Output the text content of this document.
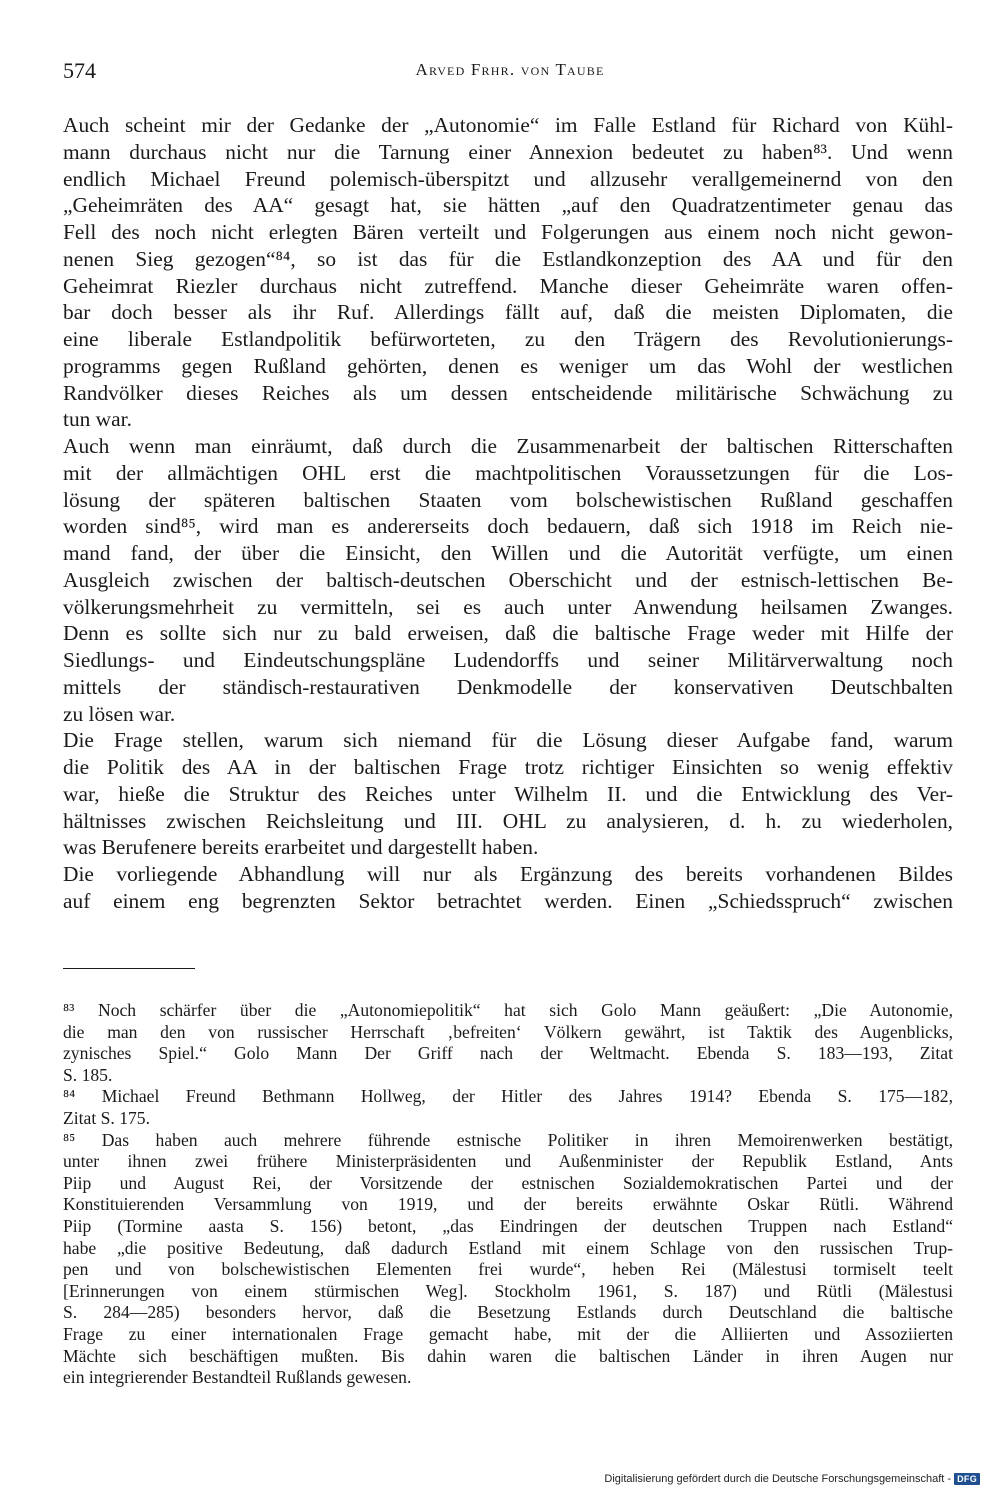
574	Arved Frhr. von Taube
Auch scheint mir der Gedanke der „Autonomie“ im Falle Estland für Richard von Kühl-
mann durchaus nicht nur die Tarnung einer Annexion bedeutet zu haben⁸³. Und wenn
endlich Michael Freund polemisch-überspitzt und allzusehr verallgemeinernd von den
„Geheimräten des AA“ gesagt hat, sie hätten „auf den Quadratzentimeter genau das
Fell des noch nicht erlegten Bären verteilt und Folgerungen aus einem noch nicht gewon-
nenen Sieg gezogen“⁸⁴, so ist das für die Estlandkonzeption des AA und für den
Geheimrat Riezler durchaus nicht zutreffend. Manche dieser Geheimräte waren offen-
bar doch besser als ihr Ruf. Allerdings fällt auf, daß die meisten Diplomaten, die
eine liberale Estlandpolitik befürworteten, zu den Trägern des Revolutionierungs-
programms gegen Rußland gehörten, denen es weniger um das Wohl der westlichen
Randvölker dieses Reiches als um dessen entscheidende militärische Schwächung zu
tun war.
Auch wenn man einräumt, daß durch die Zusammenarbeit der baltischen Ritterschaften
mit der allmächtigen OHL erst die machtpolitischen Voraussetzungen für die Los-
lösung der späteren baltischen Staaten vom bolschewistischen Rußland geschaffen
worden sind⁸⁵, wird man es andererseits doch bedauern, daß sich 1918 im Reich nie-
mand fand, der über die Einsicht, den Willen und die Autorität verfügte, um einen
Ausgleich zwischen der baltisch-deutschen Oberschicht und der estnisch-lettischen Be-
völkerungsmehrheit zu vermitteln, sei es auch unter Anwendung heilsamen Zwanges.
Denn es sollte sich nur zu bald erweisen, daß die baltische Frage weder mit Hilfe der
Siedlungs- und Eindeutschungspläne Ludendorffs und seiner Militärverwaltung noch
mittels der ständisch-restaurativen Denkmodelle der konservativen Deutschbalten
zu lösen war.
Die Frage stellen, warum sich niemand für die Lösung dieser Aufgabe fand, warum
die Politik des AA in der baltischen Frage trotz richtiger Einsichten so wenig effektiv
war, hieße die Struktur des Reiches unter Wilhelm II. und die Entwicklung des Ver-
hältnisses zwischen Reichsleitung und III. OHL zu analysieren, d. h. zu wiederholen,
was Berufenere bereits erarbeitet und dargestellt haben.
Die vorliegende Abhandlung will nur als Ergänzung des bereits vorhandenen Bildes
auf einem eng begrenzten Sektor betrachtet werden. Einen „Schiedsspruch“ zwischen
⁸³ Noch schärfer über die „Autonomiepolitik“ hat sich Golo Mann geäußert: „Die Autonomie,
die man den von russischer Herrschaft ‚befreiten‘ Völkern gewährt, ist Taktik des Augenblicks,
zynisches Spiel.“ Golo Mann Der Griff nach der Weltmacht. Ebenda S. 183—193, Zitat
S. 185.
⁸⁴ Michael Freund Bethmann Hollweg, der Hitler des Jahres 1914? Ebenda S. 175—182,
Zitat S. 175.
⁸⁵ Das haben auch mehrere führende estnische Politiker in ihren Memoirenwerken bestätigt,
unter ihnen zwei frühere Ministerpräsidenten und Außenminister der Republik Estland, Ants
Piip und August Rei, der Vorsitzende der estnischen Sozialdemokratischen Partei und der
Konstituierenden Versammlung von 1919, und der bereits erwähnte Oskar Rütli. Während
Piip (Tormine aasta S. 156) betont, „das Eindringen der deutschen Truppen nach Estland“
habe „die positive Bedeutung, daß dadurch Estland mit einem Schlage von den russischen Trup-
pen und von bolschewistischen Elementen frei wurde“, heben Rei (Mälestusi tormiselt teelt
[Erinnerungen von einem stürmischen Weg]. Stockholm 1961, S. 187) und Rütli (Mälestusi
S. 284—285) besonders hervor, daß die Besetzung Estlands durch Deutschland die baltische
Frage zu einer internationalen Frage gemacht habe, mit der die Alliierten und Assoziierten
Mächte sich beschäftigen mußten. Bis dahin waren die baltischen Länder in ihren Augen nur
ein integrierender Bestandteil Rußlands gewesen.
Digitalisierung gefördert durch die Deutsche Forschungsgemeinschaft - DFG
